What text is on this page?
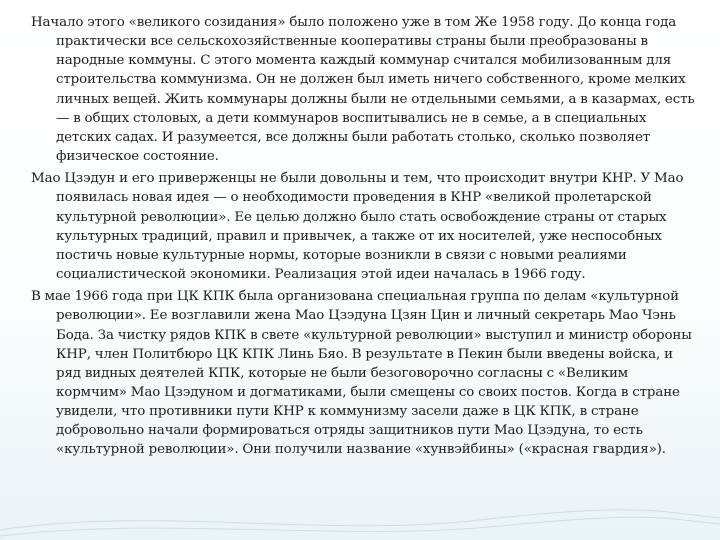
Начало этого «великого созидания» было положено уже в том Же 1958 году. До конца года практически все сельскохозяйственные кооперативы страны были преобразованы в народные коммуны. С этого момента каждый коммунар считался мобилизованным для строительства коммунизма. Он не должен был иметь ничего собственного, кроме мелких личных вещей. Жить коммунары должны были не отдельными семьями, а в казармах, есть — в общих столовых, а дети коммунаров воспитывались не в семье, а в специальных детских садах. И разумеется, все должны были работать столько, сколько позволяет физическое состояние.

Мао Цзэдун и его приверженцы не были довольны и тем, что происходит внутри КНР. У Мао появилась новая идея — о необходимости проведения в КНР «великой пролетарской культурной революции». Ее целью должно было стать освобождение страны от старых культурных традиций, правил и привычек, а также от их носителей, уже неспособных постичь новые культурные нормы, которые возникли в связи с новыми реалиями социалистической экономики. Реализация этой идеи началась в 1966 году.

В мае 1966 года при ЦК КПК была организована специальная группа по делам «культурной революции». Ее возглавили жена Мао Цзэдуна Цзян Цин и личный секретарь Мао Чэнь Бода. За чистку рядов КПК в свете «культурной революции» выступил и министр обороны КНР, член Политбюро ЦК КПК Линь Бяо. В результате в Пекин были введены войска, и ряд видных деятелей КПК, которые не были безоговорочно согласны с «Великим кормчим» Мао Цзэдуном и догматиками, были смещены со своих постов. Когда в стране увидели, что противники пути КНР к коммунизму засели даже в ЦК КПК, в стране добровольно начали формироваться отряды защитников пути Мао Цзэдуна, то есть «культурной революции». Они получили название «хунвэйбины» («красная гвардия»).
